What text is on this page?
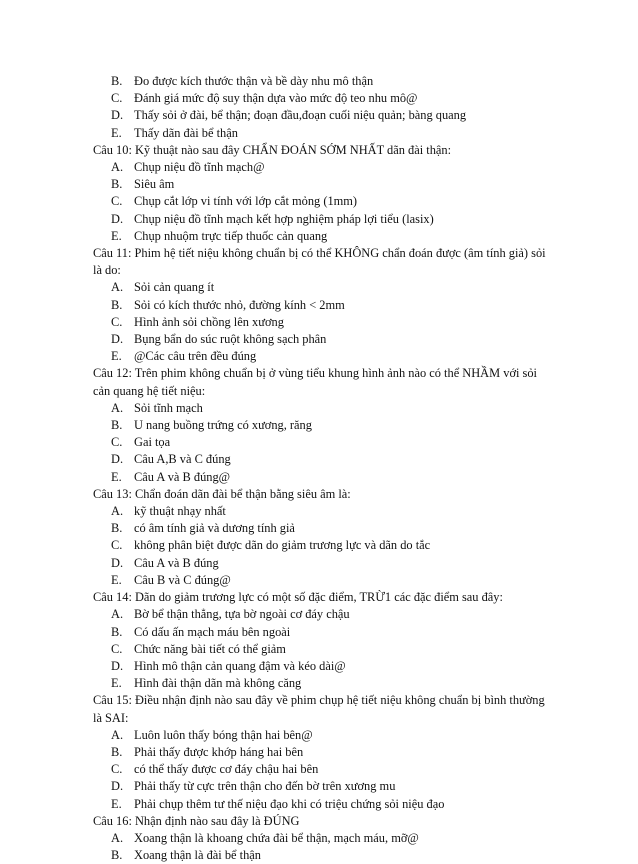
B. Đo được kích thước thận và bề dày nhu mô thận
C. Đánh giá mức độ suy thận dựa vào mức độ teo nhu mô@
D. Thấy sỏi ở đài, bể thận; đoạn đầu,đoạn cuối niệu quản; bàng quang
E. Thấy dãn đài bể thận
Câu 10: Kỹ thuật nào sau đây CHẨN ĐOÁN SỚM NHẤT dãn đài thận:
A. Chụp niệu đồ tĩnh mạch@
B. Siêu âm
C. Chụp cắt lớp vi tính với lớp cắt mỏng (1mm)
D. Chụp niệu đồ tĩnh mạch kết hợp nghiệm pháp lợi tiểu (lasix)
E. Chụp nhuộm trực tiếp thuốc cản quang
Câu 11: Phim hệ tiết niệu không chuẩn bị có thể KHÔNG chẩn đoán được (âm tính giả) sỏi là do:
A. Sỏi cản quang ít
B. Sỏi có kích thước nhỏ, đường kính < 2mm
C. Hình ảnh sỏi chồng lên xương
D. Bụng bẩn do súc ruột không sạch phân
E. @Các câu trên đều đúng
Câu 12: Trên phim không chuẩn bị ở vùng tiểu khung hình ảnh nào có thể NHẦM với sỏi cản quang hệ tiết niệu:
A. Sỏi tĩnh mạch
B. U nang buồng trứng có xương, răng
C. Gai tọa
D. Câu A,B và C đúng
E. Câu A và B đúng@
Câu 13: Chẩn đoán dãn đài bể thận bằng siêu âm là:
A. kỹ thuật nhạy nhất
B. có âm tính giả và dương tính giả
C. không phân biệt được dãn do giảm trương lực và dãn do tắc
D. Câu A và B đúng
E. Câu B và C đúng@
Câu 14: Dãn do giảm trương lực có một số đặc điểm, TRỪ1 các đặc điểm sau đây:
A. Bờ bể thận thẳng, tựa bờ ngoài cơ đáy chậu
B. Có dấu ấn mạch máu bên ngoài
C. Chức năng bài tiết có thể giảm
D. Hình mô thận cản quang đậm và kéo dài@
E. Hình đài thận dãn mà không căng
Câu 15: Điều nhận định nào sau đây về phim chụp hệ tiết niệu không chuẩn bị bình thường là SAI:
A. Luôn luôn thấy bóng thận hai bên@
B. Phải thấy được khớp háng hai bên
C. có thể thấy được cơ đáy chậu hai bên
D. Phải thấy từ cực trên thận cho đến bờ trên xương mu
E. Phải chụp thêm tư thế niệu đạo khi có triệu chứng sỏi niệu đạo
Câu 16: Nhận định nào sau đây là ĐÚNG
A. Xoang thận là khoang chứa đài bể thận, mạch máu, mỡ@
B. Xoang thận là đài bể thận
